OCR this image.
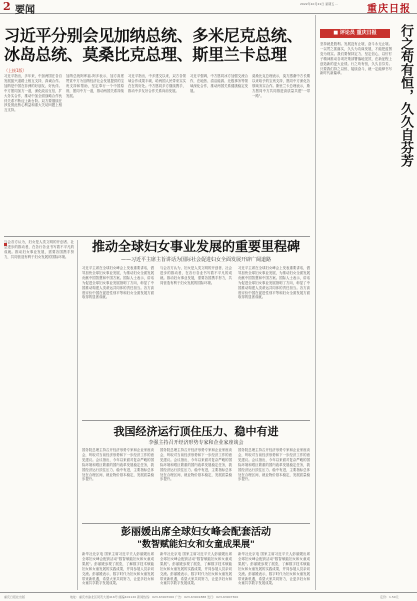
2 要闻
2022年10月21日 星期五 …	重庆日报
习近平分别会见加纳总统、多米尼克总统、
冰岛总统、莫桑比克总理、斯里兰卡总理
（上接1版）
习近平指出，多年来，中加两国在各自发展振兴道路上相互支持，真诚合作。加纳是中国在非洲的好朋友、好伙伴。中方愿同加方一道，深化政治互信，扩大务实合作，推动中加全面战略合作伙伴关系不断迈上新台阶。双方要继续在涉及彼此核心利益和重大关切问题上相互支持。
加纳总统阿库福-阿多表示，加方高度赞赏中方为加纳经济社会发展提供的宝贵支持和帮助，坚定奉行一个中国原则，愿同中方一道，推动两国关系持续发展。
习近平指出，中多建交以来，双方各领域合作成果丰硕，给两国人民带来实实在在的好处。中方愿同多方继续携手，推动中多友好合作关系向前发展。
习近平强调，中方愿同冰方加强交流合作，在地热、清洁能源、北极事务等领域深化合作，推动两国关系健康稳定发展。
莫桑比克总理表示，莫方感谢中方长期以来给予的宝贵支持，愿同中方深化各领域务实合作。斯里兰卡总理表示，斯方愿同中方共同推进高质量共建"一带一路"。
■ 评论员 重庆日报	行之苟有恒，久久自芬芳
坚持就是胜利。发展没有止境，奋斗永无止境。一以贯之抓落实，久久为功谋发展，才能把蓝图变为现实。我们要保持定力、坚定信心，以钉钉子精神推动各项决策部署落地见效，在新征程上创造新的更大业绩。行之苟有恒，久久自芬芳。只要我们持之以恒、接续奋斗，就一定能够书写新时代新篇章。
与会各方认为，妇女是人类文明的开创者、社会进步的推动者，在各行各业书写着不平凡的成就。推动妇女事业发展，需要各国携手努力，共同营造有利于妇女发展的国际环境。
推动全球妇女事业发展的重要里程碑
——习近平主席主旨讲话为国际社会促进妇女全面发展开辟广阔道路
习近平主席在全球妇女峰会上发表重要讲话，倡导加快全球妇女事业发展，为推动妇女全面发展贡献中国智慧和中国方案。国际人士表示，讲话为促进全球妇女事业发展指明了方向，彰显了中国推动构建人类命运共同体的责任担当。各方高度评价中国在促进性别平等和妇女全面发展方面取得的显著成就。
与会各方认为，妇女是人类文明的开创者、社会进步的推动者，在各行各业书写着不平凡的成就。推动妇女事业发展，需要各国携手努力，共同营造有利于妇女发展的国际环境。
习近平主席在全球妇女峰会上发表重要讲话，倡导加快全球妇女事业发展，为推动妇女全面发展贡献中国智慧和中国方案。国际人士表示，讲话为促进全球妇女事业发展指明了方向，彰显了中国推动构建人类命运共同体的责任担当。各方高度评价中国在促进性别平等和妇女全面发展方面取得的显著成就。
我国经济运行顶住压力、稳中有进
李强主持召开经济形势专家和企业家座谈会
国务院总理主持召开经济形势专家和企业家座谈会，听取对当前经济形势和下一步经济工作的意见建议。会议指出，今年以来面对复杂严峻的国际环境和艰巨繁重的国内改革发展稳定任务，我国经济运行顶住压力、稳中有进，主要指标总体处在合理区间，就业物价基本稳定，发展质量稳步提升。
国务院总理主持召开经济形势专家和企业家座谈会，听取对当前经济形势和下一步经济工作的意见建议。会议指出，今年以来面对复杂严峻的国际环境和艰巨繁重的国内改革发展稳定任务，我国经济运行顶住压力、稳中有进，主要指标总体处在合理区间，就业物价基本稳定，发展质量稳步提升。
国务院总理主持召开经济形势专家和企业家座谈会，听取对当前经济形势和下一步经济工作的意见建议。会议指出，今年以来面对复杂严峻的国际环境和艰巨繁重的国内改革发展稳定任务，我国经济运行顶住压力、稳中有进，主要指标总体处在合理区间，就业物价基本稳定，发展质量稳步提升。
彭丽媛出席全球妇女峰会配套活动
"数智赋能妇女和女童成果展"
新华社北京电 国家主席习近平夫人彭丽媛出席全球妇女峰会配套活动"数智赋能妇女和女童成果展"。彭丽媛参观了展览，了解数字技术赋能妇女和女童发展的实践成果，并同参展人员亲切交流。彭丽媛表示，数字时代为妇女和女童发展带来新机遇，希望大家共同努力，让更多妇女和女童共享数字发展成果。
新华社北京电 国家主席习近平夫人彭丽媛出席全球妇女峰会配套活动"数智赋能妇女和女童成果展"。彭丽媛参观了展览，了解数字技术赋能妇女和女童发展的实践成果，并同参展人员亲切交流。彭丽媛表示，数字时代为妇女和女童发展带来新机遇，希望大家共同努力，让更多妇女和女童共享数字发展成果。
新华社北京电 国家主席习近平夫人彭丽媛出席全球妇女峰会配套活动"数智赋能妇女和女童成果展"。彭丽媛参观了展览，了解数字技术赋能妇女和女童发展的实践成果，并同参展人员亲切交流。彭丽媛表示，数字时代为妇女和女童发展带来新机遇，希望大家共同努力，让更多妇女和女童共享数字发展成果。
重庆日报社出版	地址：重庆市渝北区同茂大道416号 邮编401120 新闻热线：023-63907000 广告：023-63901888 发行：023-63907300	定价：1.50元
